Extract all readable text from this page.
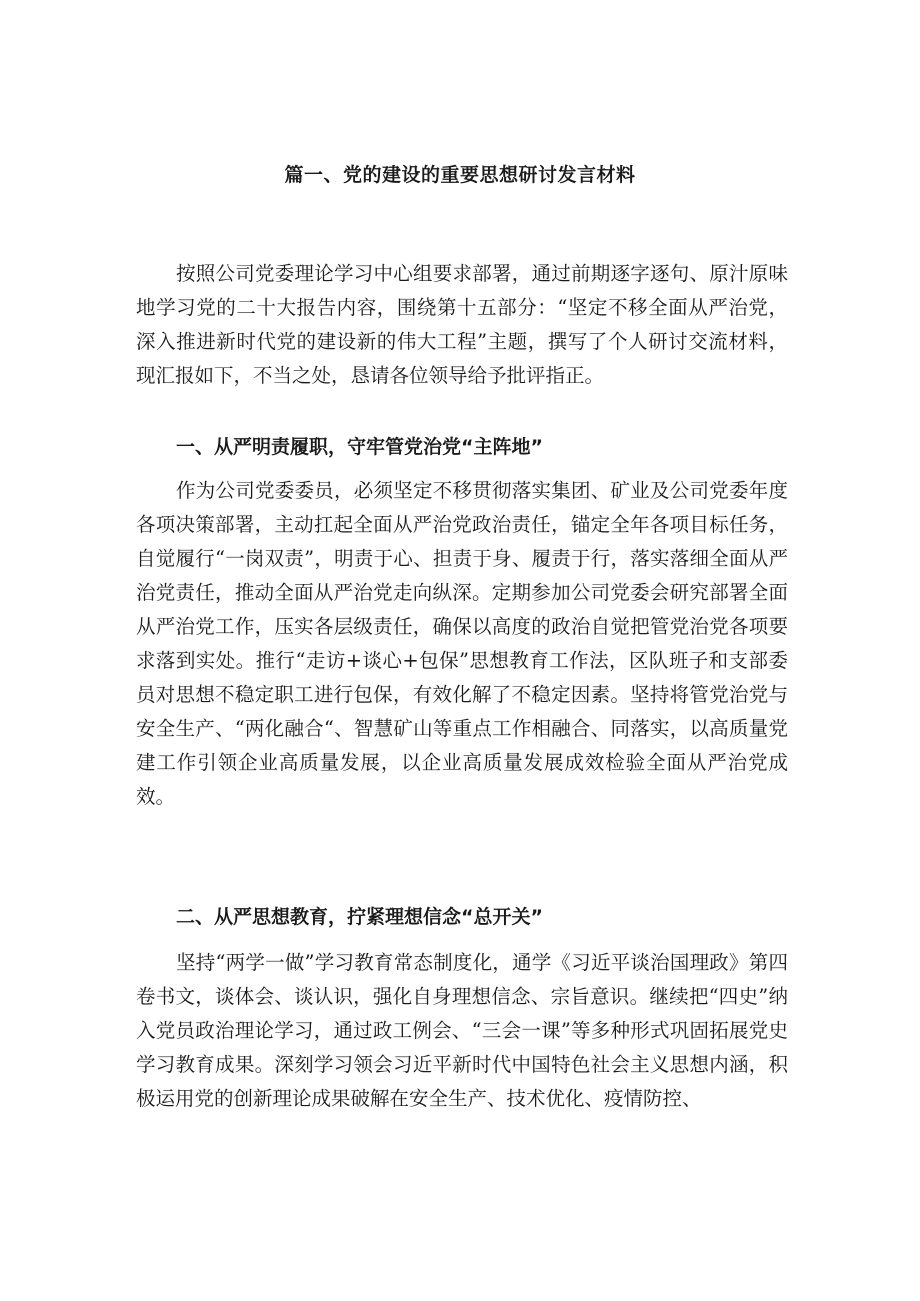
篇一、党的建设的重要思想研讨发言材料

按照公司党委理论学习中心组要求部署，通过前期逐字逐句、原汁原味地学习党的二十大报告内容，围绕第十五部分：“坚定不移全面从严治党，深入推进新时代党的建设新的伟大工程”主题，撰写了个人研讨交流材料，现汇报如下，不当之处，恳请各位领导给予批评指正。

一、从严明责履职，守牢管党治党“主阵地”

作为公司党委委员，必须坚定不移贯彻落实集团、矿业及公司党委年度各项决策部署，主动扛起全面从严治党政治责任，锚定全年各项目标任务，自觉履行“一岗双责”，明责于心、担责于身、履责于行，落实落细全面从严治党责任，推动全面从严治党走向纵深。定期参加公司党委会研究部署全面从严治党工作，压实各层级责任，确保以高度的政治自觉把管党治党各项要求落到实处。推行“走访+谈心+包保”思想教育工作法，区队班子和支部委员对思想不稳定职工进行包保，有效化解了不稳定因素。坚持将管党治党与安全生产、“两化融合“、智慧矿山等重点工作相融合、同落实，以高质量党建工作引领企业高质量发展，以企业高质量发展成效检验全面从严治党成效。

二、从严思想教育，拧紧理想信念“总开关”

坚持“两学一做”学习教育常态制度化，通学《习近平谈治国理政》第四卷书文，谈体会、谈认识，强化自身理想信念、宗旨意识。继续把“四史”纳入党员政治理论学习，通过政工例会、“三会一课”等多种形式巩固拓展党史学习教育成果。深刻学习领会习近平新时代中国特色社会主义思想内涵，积极运用党的创新理论成果破解在安全生产、技术优化、疫情防控、
